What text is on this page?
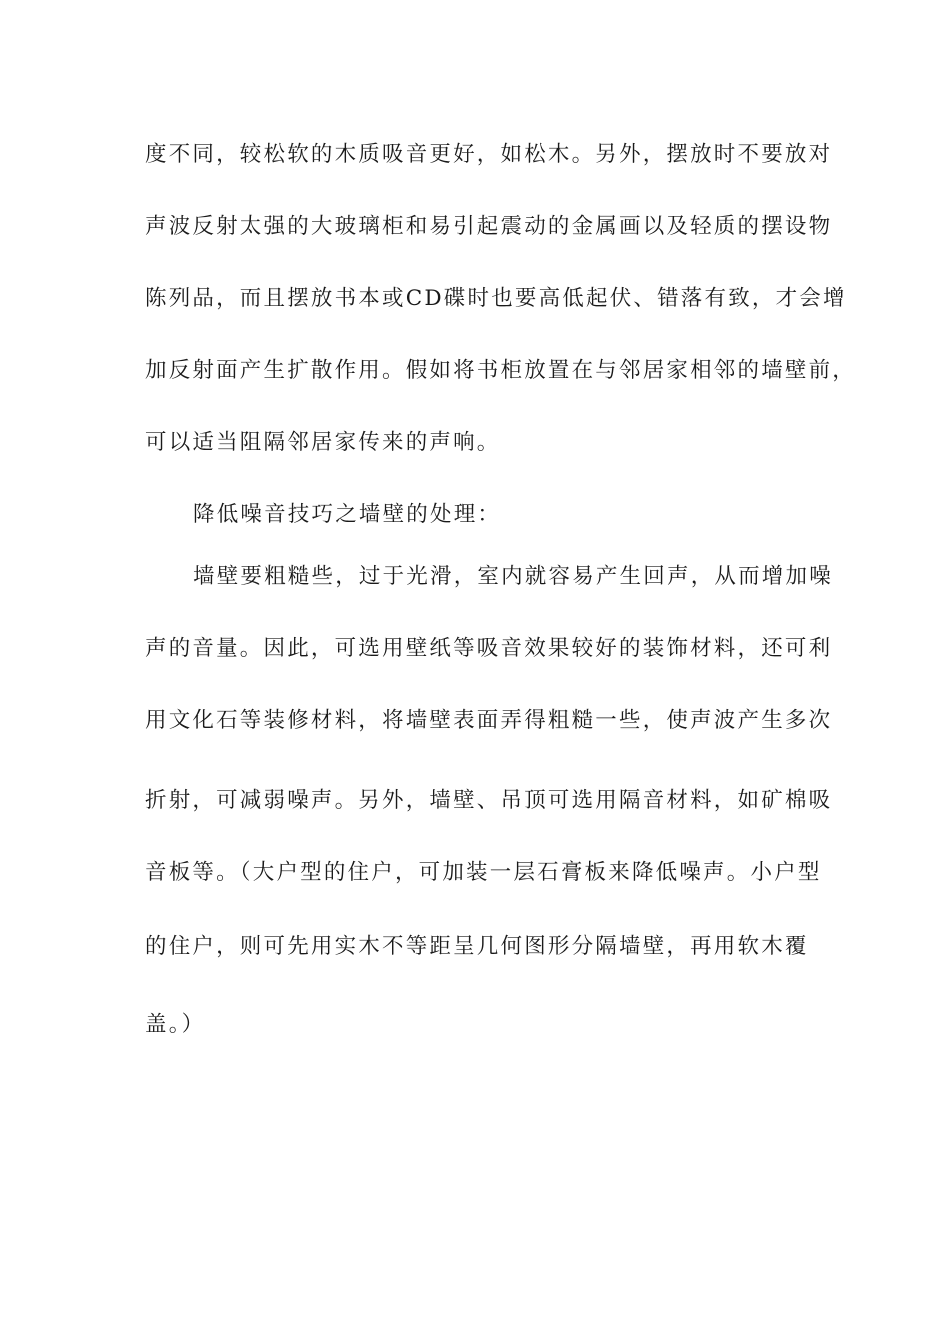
度不同，较松软的木质吸音更好，如松木。另外，摆放时不要放对
声波反射太强的大玻璃柜和易引起震动的金属画以及轻质的摆设物
陈列品，而且摆放书本或CD碟时也要高低起伏、错落有致，才会增
加反射面产生扩散作用。假如将书柜放置在与邻居家相邻的墙壁前，
可以适当阻隔邻居家传来的声响。
降低噪音技巧之墙壁的处理：
墙壁要粗糙些，过于光滑，室内就容易产生回声，从而增加噪
声的音量。因此，可选用壁纸等吸音效果较好的装饰材料，还可利
用文化石等装修材料，将墙壁表面弄得粗糙一些，使声波产生多次
折射，可减弱噪声。另外，墙壁、吊顶可选用隔音材料，如矿棉吸
音板等。（大户型的住户，可加装一层石膏板来降低噪声。小户型
的住户，则可先用实木不等距呈几何图形分隔墙壁，再用软木覆
盖。）
